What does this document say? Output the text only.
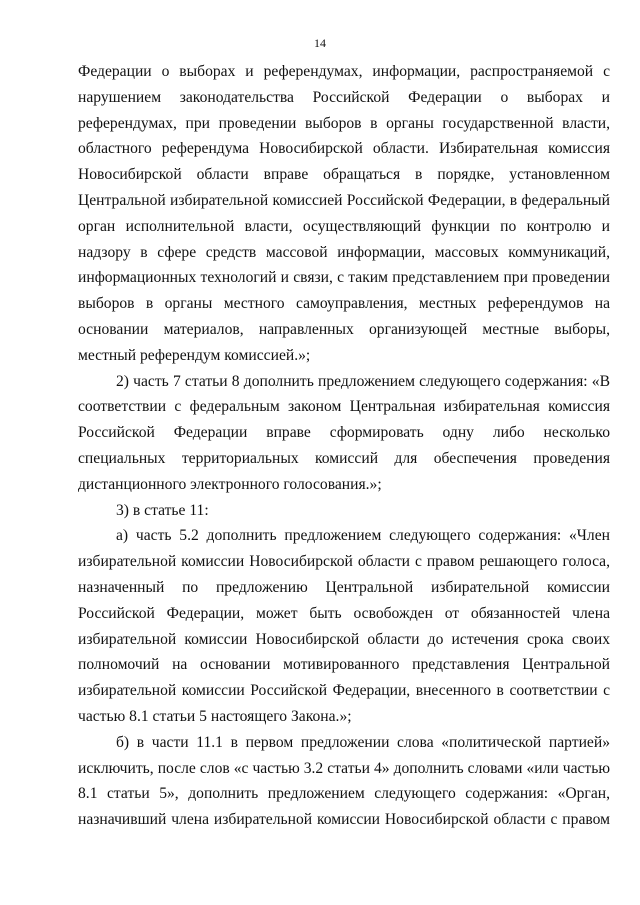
14

Федерации о выборах и референдумах, информации, распространяемой с нарушением законодательства Российской Федерации о выборах и референдумах, при проведении выборов в органы государственной власти, областного референдума Новосибирской области. Избирательная комиссия Новосибирской области вправе обращаться в порядке, установленном Центральной избирательной комиссией Российской Федерации, в федеральный орган исполнительной власти, осуществляющий функции по контролю и надзору в сфере средств массовой информации, массовых коммуникаций, информационных технологий и связи, с таким представлением при проведении выборов в органы местного самоуправления, местных референдумов на основании материалов, направленных организующей местные выборы, местный референдум комиссией.»;

2) часть 7 статьи 8 дополнить предложением следующего содержания: «В соответствии с федеральным законом Центральная избирательная комиссия Российской Федерации вправе сформировать одну либо несколько специальных территориальных комиссий для обеспечения проведения дистанционного электронного голосования.»;

3) в статье 11:

а) часть 5.2 дополнить предложением следующего содержания: «Член избирательной комиссии Новосибирской области с правом решающего голоса, назначенный по предложению Центральной избирательной комиссии Российской Федерации, может быть освобожден от обязанностей члена избирательной комиссии Новосибирской области до истечения срока своих полномочий на основании мотивированного представления Центральной избирательной комиссии Российской Федерации, внесенного в соответствии с частью 8.1 статьи 5 настоящего Закона.»;

б) в части 11.1 в первом предложении слова «политической партией» исключить, после слов «с частью 3.2 статьи 4» дополнить словами «или частью 8.1 статьи 5», дополнить предложением следующего содержания: «Орган, назначивший члена избирательной комиссии Новосибирской области с правом
